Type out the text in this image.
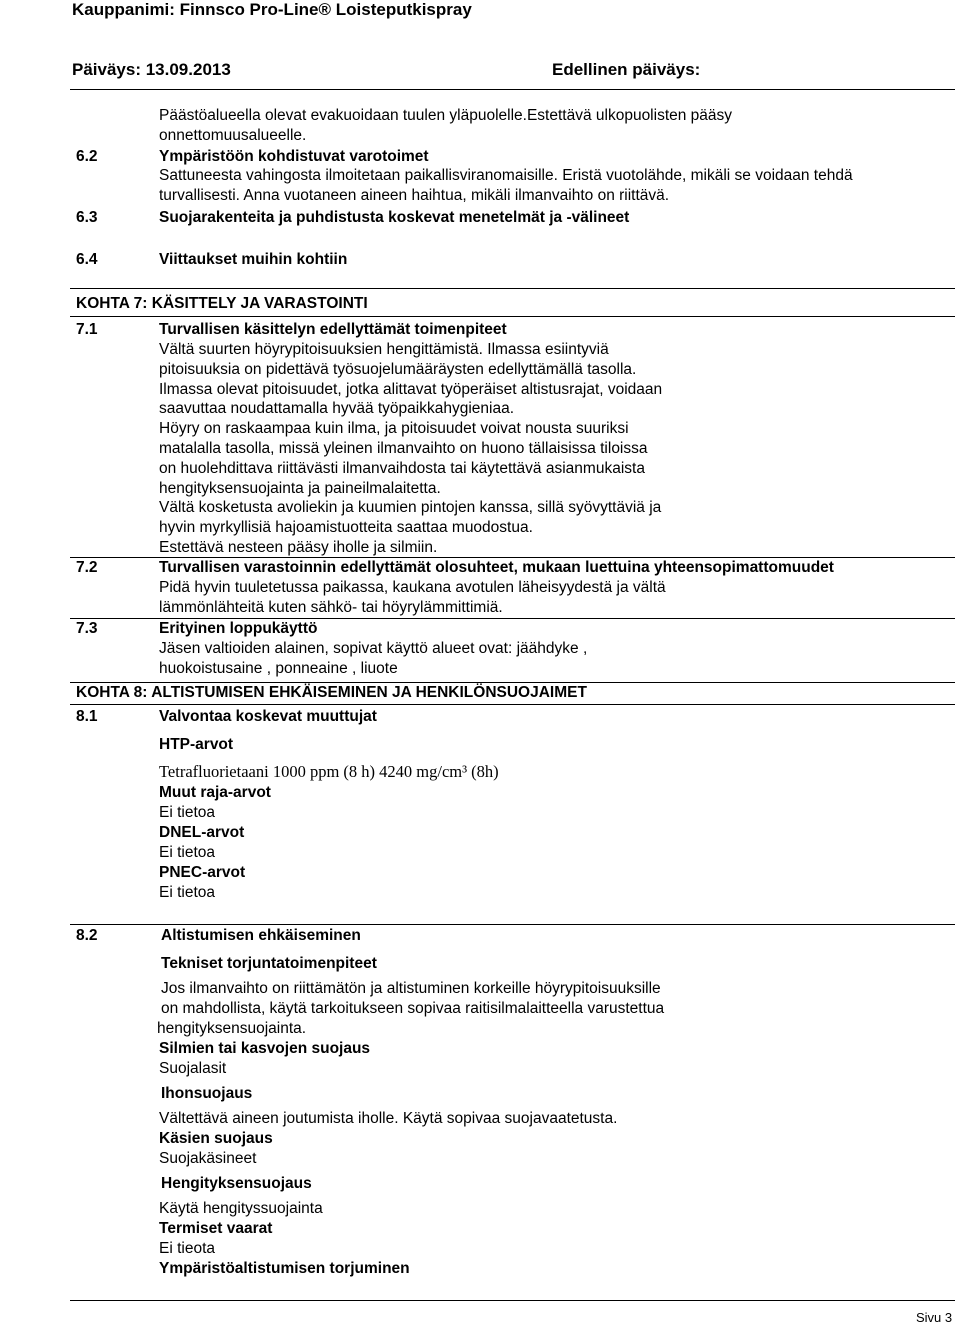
Kauppanimi: Finnsco Pro-Line® Loisteputkispray
Päiväys: 13.09.2013	Edellinen päiväys:
Päästöalueella olevat evakuoidaan tuulen yläpuolelle.Estettävä ulkopuolisten pääsy
onnettomuusalueelle.
6.2	Ympäristöön kohdistuvat varotoimet
Sattuneesta vahingosta ilmoitetaan paikallisviranomaisille. Eristä vuotolähde, mikäli se voidaan tehdä
turvallisesti. Anna vuotaneen aineen haihtua, mikäli ilmanvaihto on riittävä.
6.3	Suojarakenteita ja puhdistusta koskevat menetelmät ja -välineet
6.4	Viittaukset muihin kohtiin
KOHTA 7: KÄSITTELY JA VARASTOINTI
7.1	Turvallisen käsittelyn edellyttämät toimenpiteet
Vältä suurten höyrypitoisuuksien hengittämistä. Ilmassa esiintyviä
pitoisuuksia on pidettävä työsuojelumääräysten edellyttämällä tasolla.
Ilmassa olevat pitoisuudet, jotka alittavat työperäiset altistusrajat, voidaan
saavuttaa noudattamalla hyvää työpaikkahygieniaa.
Höyry on raskaampaa kuin ilma, ja pitoisuudet voivat nousta suuriksi
matalalla tasolla, missä yleinen ilmanvaihto on huono tällaisissa tiloissa
on huolehdittava riittävästi ilmanvaihdosta tai käytettävä asianmukaista
hengityksensuojainta ja paineilmalaitetta.
Vältä kosketusta avoliekin ja kuumien pintojen kanssa, sillä syövyttäviä ja
hyvin myrkyllisiä hajoamistuotteita saattaa muodostua.
Estettävä nesteen pääsy iholle ja silmiin.
7.2	Turvallisen varastoinnin edellyttämät olosuhteet, mukaan luettuina yhteensopimattomuudet
Pidä hyvin tuuletetussa paikassa, kaukana avotulen läheisyydestä ja vältä
lämmönlähteitä kuten sähkö- tai höyrylämmittimiä.
7.3	Erityinen loppukäyttö
Jäsen valtioiden alainen, sopivat käyttö alueet ovat: jäähdyke ,
huokoistusaine , ponneaine , liuote
KOHTA 8: ALTISTUMISEN EHKÄISEMINEN JA HENKILÖNSUOJAIMET
8.1	Valvontaa koskevat muuttujat
HTP-arvot
Tetrafluorietaani 1000 ppm (8 h) 4240 mg/cm³ (8h)
Muut raja-arvot
Ei tietoa
DNEL-arvot
Ei tietoa
PNEC-arvot
Ei tietoa
8.2	Altistumisen ehkäiseminen
Tekniset torjuntatoimenpiteet
Jos ilmanvaihto on riittämätön ja altistuminen korkeille höyrypitoisuuksille
on mahdollista, käytä tarkoitukseen sopivaa raitisilmalaitteella varustettua
hengityksensuojainta.
Silmien tai kasvojen suojaus
Suojalasit
Ihonsuojaus
Vältettävä aineen joutumista iholle. Käytä sopivaa suojavaatetusta.
Käsien suojaus
Suojakäsineet
Hengityksensuojaus
Käytä hengityssuojainta
Termiset vaarat
Ei tieota
Ympäristöaltistumisen torjuminen
Sivu 3
